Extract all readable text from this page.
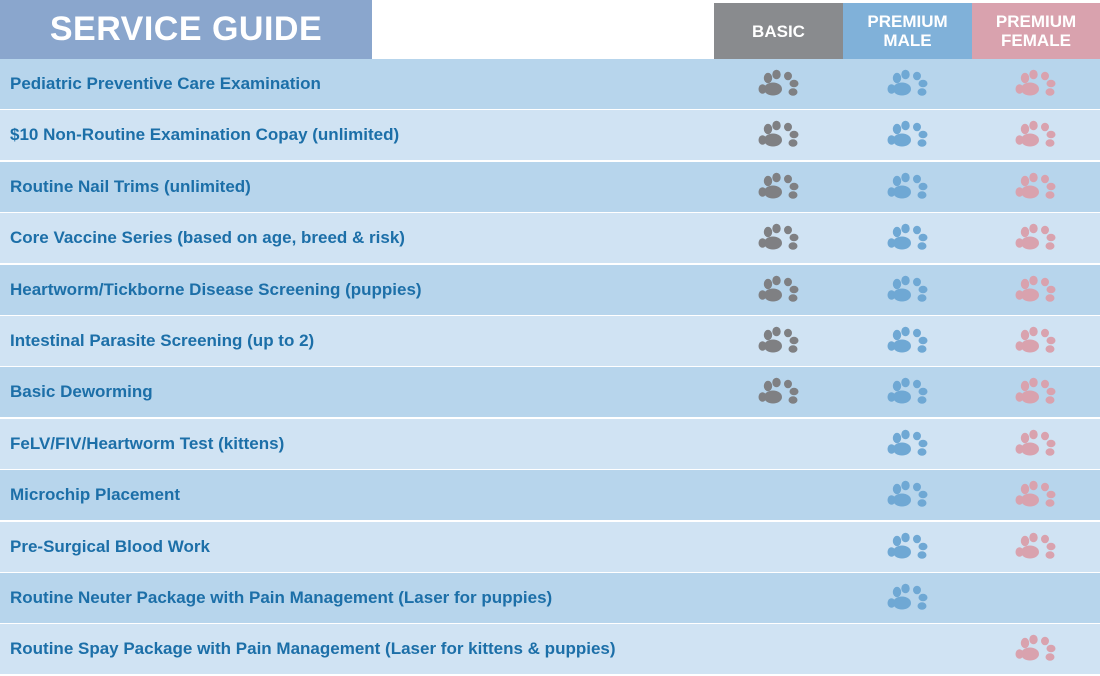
SERVICE GUIDE	BASIC	PREMIUM
MALE
PREMIUM
FEMALE
Pediatric Preventive Care Examination
$10 Non-Routine Examination Copay (unlimited)
Routine Nail Trims (unlimited)
Core Vaccine Series (based on age, breed & risk)
Heartworm/Tickborne Disease Screening (puppies)
Intestinal Parasite Screening (up to 2)
Basic Deworming
FeLV/FIV/Heartworm Test (kittens)
Microchip Placement
Pre-Surgical Blood Work
Routine Neuter Package with Pain Management (Laser for puppies)
Routine Spay Package with Pain Management (Laser for kittens & puppies)
